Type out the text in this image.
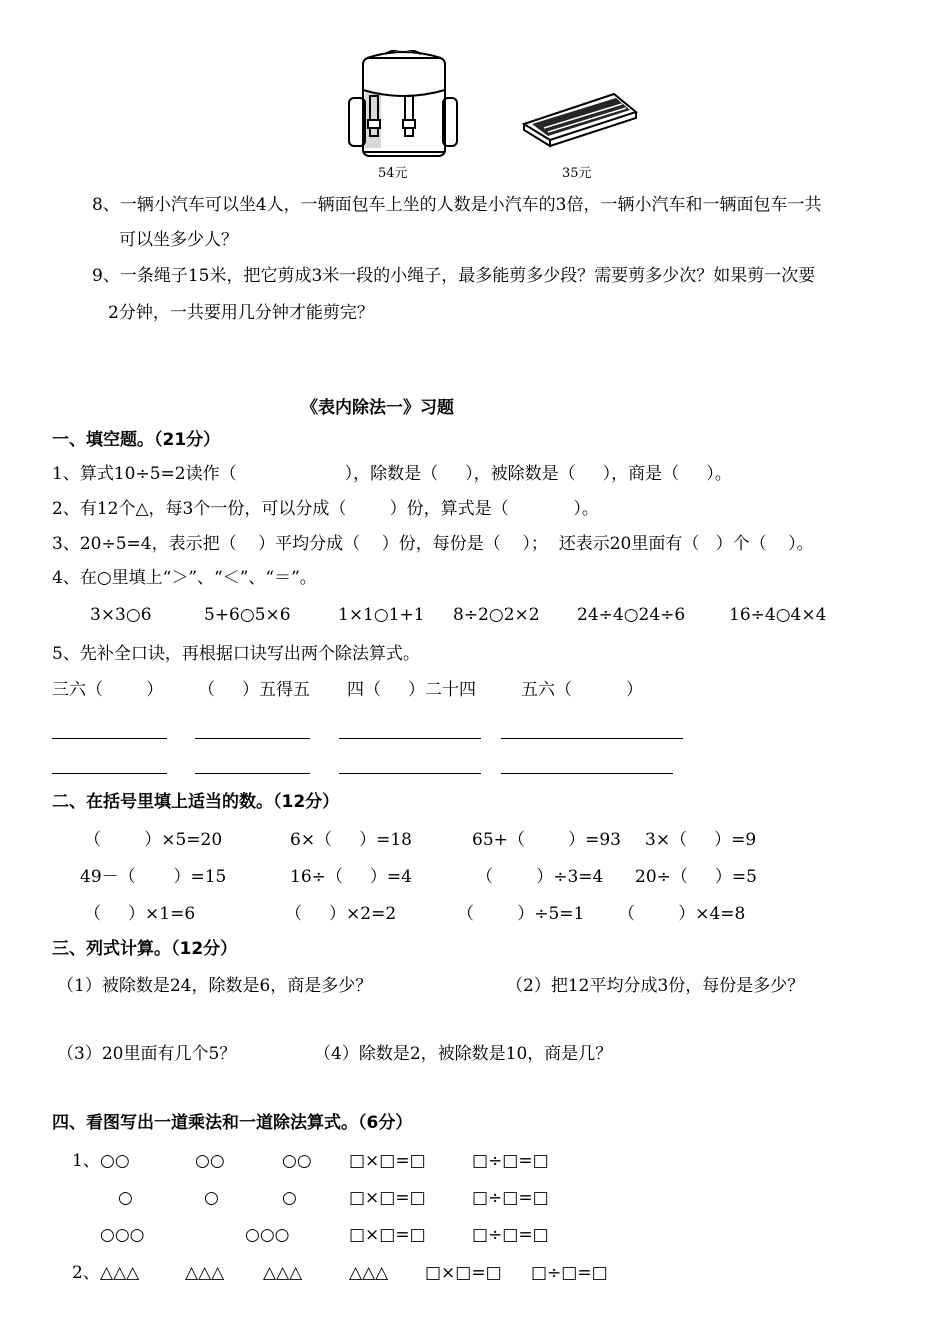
54元	35元
8、一辆小汽车可以坐4人，一辆面包车上坐的人数是小汽车的3倍，一辆小汽车和一辆面包车一共
可以坐多少人？
9、一条绳子15米，把它剪成3米一段的小绳子，最多能剪多少段？需要剪多少次？如果剪一次要
2分钟，一共要用几分钟才能剪完？
《表内除法一》习题
一、填空题。（21分）
1、算式10÷5=2读作（                    ），除数是（     ），被除数是（     ），商是（     ）。
2、有12个△，每3个一份，可以分成（        ）份，算式是（            ）。
3、20÷5=4，表示把（    ）平均分成（    ）份，每份是（    ）；  还表示20里面有（   ）个（    ）。
4、在○里填上“＞”、“＜”、“＝”。
3×3○6	5+6○5×6	1×1○1+1 8÷2○2×2 24÷4○24÷6	16÷4○4×4
5、先补全口诀，再根据口诀写出两个除法算式。
三六（        ） （     ）五得五 四（     ）二十四	五六（          ）
二、在括号里填上适当的数。（12分）
（        ）×5=20	6×（     ）=18	65+（        ）=93 3×（     ）=9
49－（       ）=15	16÷（     ）=4	（        ）÷3=4 20÷（     ）=5
（     ）×1=6	（     ）×2=2	（        ）÷5=1 （        ）×4=8
三、列式计算。（12分）
（1）被除数是24，除数是6，商是多少？	（2）把12平均分成3份，每份是多少？
（3）20里面有几个5？	（4）除数是2，被除数是10，商是几？
四、看图写出一道乘法和一道除法算式。（6分）
1、 ○○	○○	○○ □×□=□	□÷□=□
○	○	○	□×□=□	□÷□=□
○○○	○○○	□×□=□	□÷□=□
2、 △△△	△△△ △△△	△△△ □×□=□ □÷□=□
